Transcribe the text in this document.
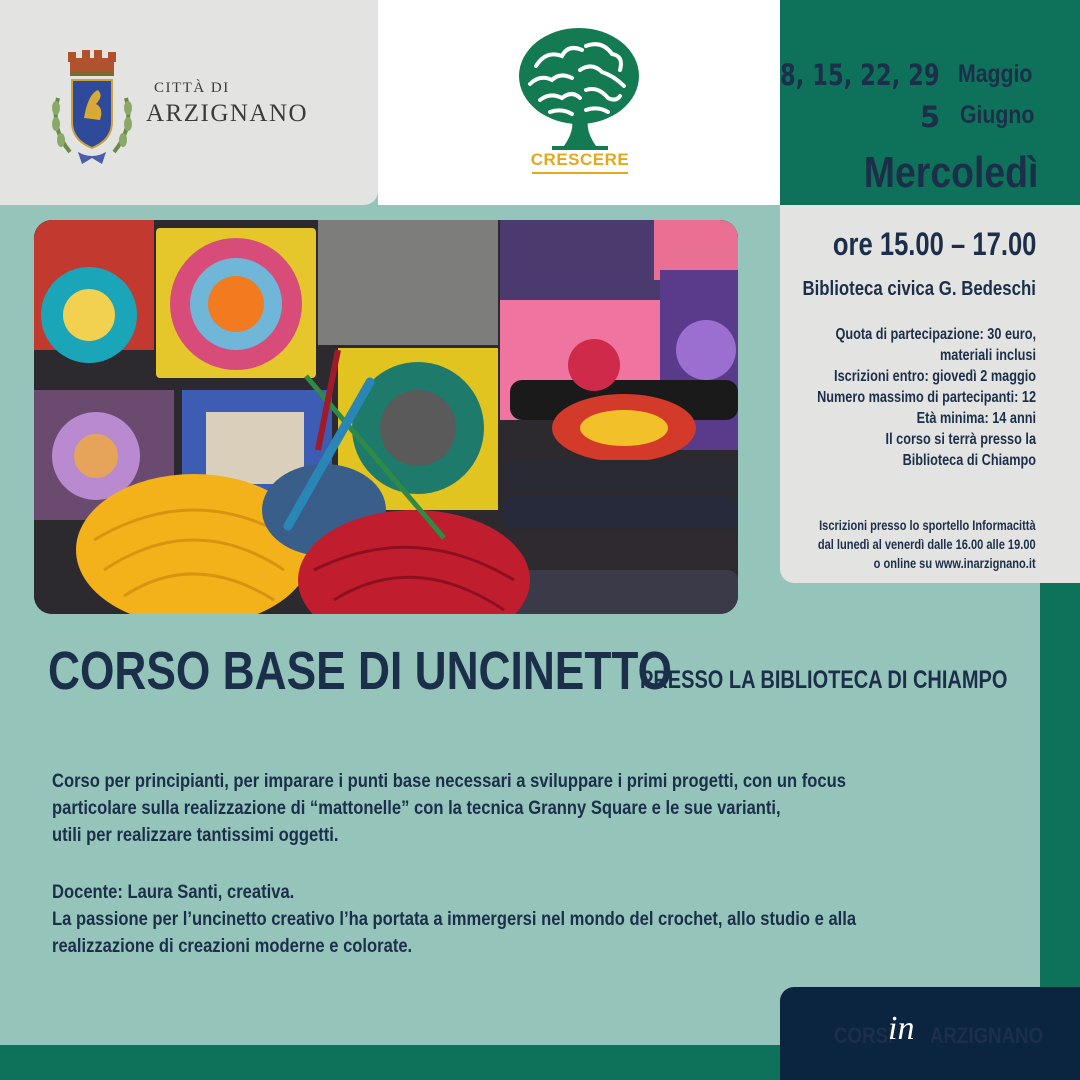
CITTÀ DI
ARZIGNANO
CRESCERE
8, 15, 22, 29 Maggio
5 Giugno
Mercoledì
ore 15.00 – 17.00
Biblioteca civica G. Bedeschi
Quota di partecipazione: 30 euro,
materiali inclusi
Iscrizioni entro: giovedì 2 maggio
Numero massimo di partecipanti: 12
Età minima: 14 anni
Il corso si terrà presso la
Biblioteca di Chiampo
Iscrizioni presso lo sportello Informacittà
dal lunedì al venerdì dalle 16.00 alle 19.00
o online su www.inarzignano.it
CORSO BASE DI UNCINETTO
PRESSO LA BIBLIOTECA DI CHIAMPO
Corso per principianti, per imparare i punti base necessari a sviluppare i primi progetti, con un focus
particolare sulla realizzazione di “mattonelle” con la tecnica Granny Square e le sue varianti,
utili per realizzare tantissimi oggetti.
Docente: Laura Santi, creativa.
La passione per l’uncinetto creativo l’ha portata a immergersi nel mondo del crochet, allo studio e alla
realizzazione di creazioni moderne e colorate.
CORSI
in ARZIGNANO
